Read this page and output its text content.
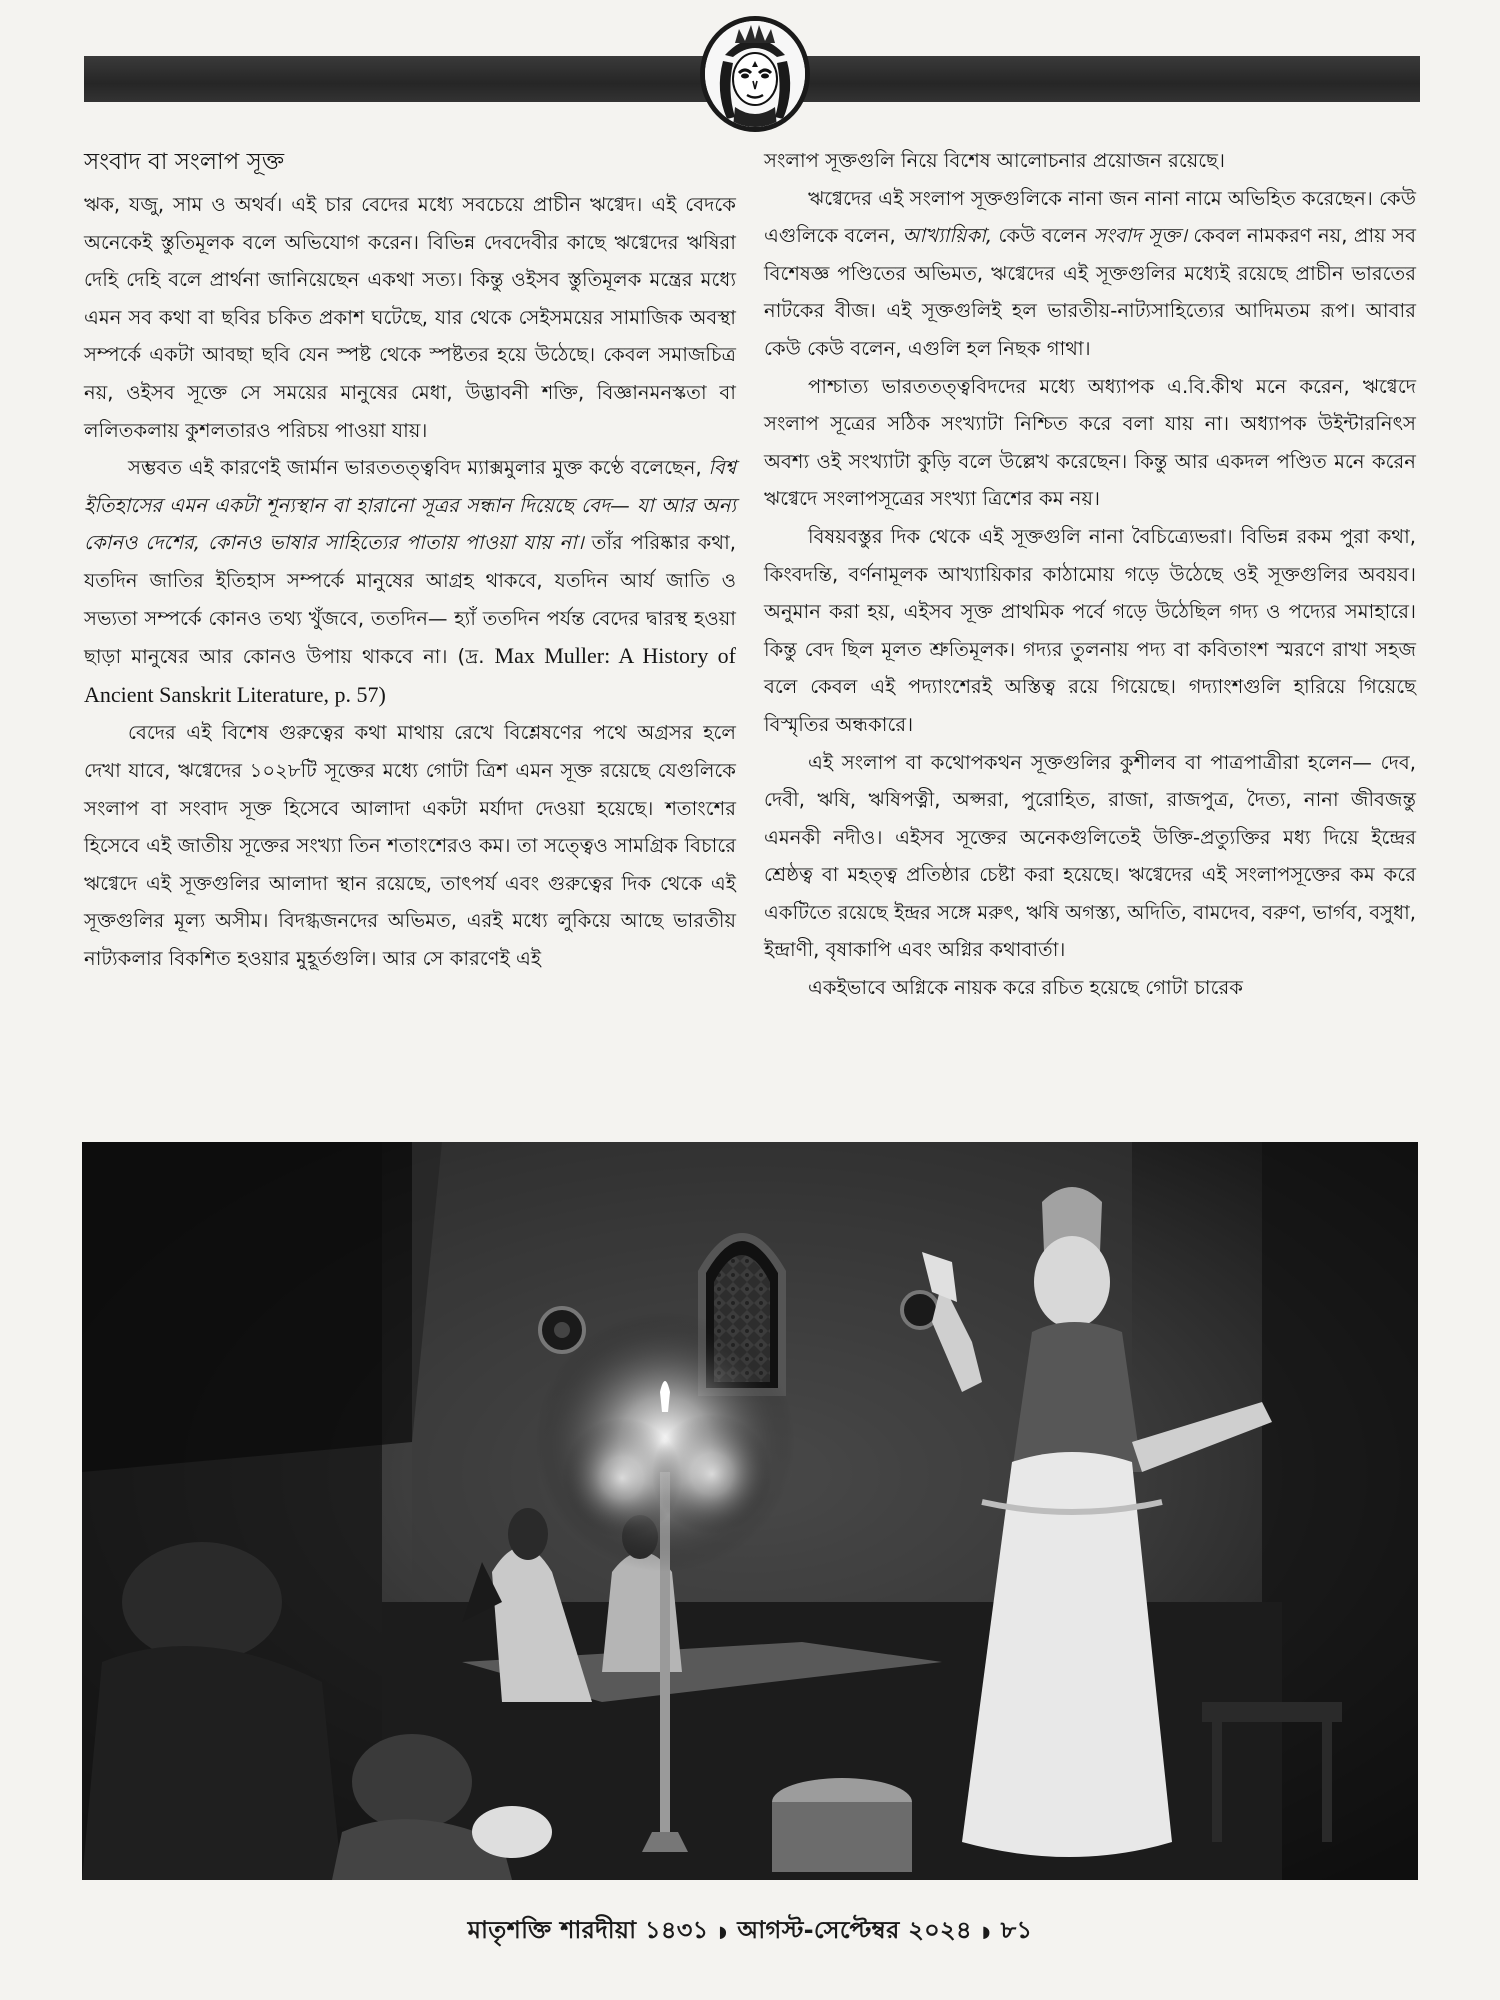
সংবাদ বা সংলাপ সূক্ত

ঋক, যজু, সাম ও অথর্ব। এই চার বেদের মধ্যে সবচেয়ে প্রাচীন ঋগ্বেদ। এই বেদকে অনেকেই স্তুতিমূলক বলে অভিযোগ করেন। বিভিন্ন দেবদেবীর কাছে ঋগ্বেদের ঋষিরা দেহি দেহি বলে প্রার্থনা জানিয়েছেন একথা সত্য। কিন্তু ওইসব স্তুতিমূলক মন্ত্রের মধ্যে এমন সব কথা বা ছবির চকিত প্রকাশ ঘটেছে, যার থেকে সেইসময়ের সামাজিক অবস্থা সম্পর্কে একটা আবছা ছবি যেন স্পষ্ট থেকে স্পষ্টতর হয়ে উঠেছে। কেবল সমাজচিত্র নয়, ওইসব সূক্তে সে সময়ের মানুষের মেধা, উদ্ভাবনী শক্তি, বিজ্ঞানমনস্কতা বা ললিতকলায় কুশলতারও পরিচয় পাওয়া যায়।

সম্ভবত এই কারণেই জার্মান ভারততত্ত্ববিদ ম্যাক্সমুলার মুক্ত কণ্ঠে বলেছেন, বিশ্ব ইতিহাসের এমন একটা শূন্যস্থান বা হারানো সূত্রর সন্ধান দিয়েছে বেদ— যা আর অন্য কোনও দেশের, কোনও ভাষার সাহিত্যের পাতায় পাওয়া যায় না। তাঁর পরিষ্কার কথা, যতদিন জাতির ইতিহাস সম্পর্কে মানুষের আগ্রহ থাকবে, যতদিন আর্য জাতি ও সভ্যতা সম্পর্কে কোনও তথ্য খুঁজবে, ততদিন— হ্যাঁ ততদিন পর্যন্ত বেদের দ্বারস্থ হওয়া ছাড়া মানুষের আর কোনও উপায় থাকবে না। (দ্র. Max Muller: A History of Ancient Sanskrit Literature, p. 57)

বেদের এই বিশেষ গুরুত্বের কথা মাথায় রেখে বিশ্লেষণের পথে অগ্রসর হলে দেখা যাবে, ঋগ্বেদের ১০২৮টি সূক্তের মধ্যে গোটা ত্রিশ এমন সূক্ত রয়েছে যেগুলিকে সংলাপ বা সংবাদ সূক্ত হিসেবে আলাদা একটা মর্যাদা দেওয়া হয়েছে। শতাংশের হিসেবে এই জাতীয় সূক্তের সংখ্যা তিন শতাংশেরও কম। তা সত্ত্বেও সামগ্রিক বিচারে ঋগ্বেদে এই সূক্তগুলির আলাদা স্থান রয়েছে, তাৎপর্য এবং গুরুত্বের দিক থেকে এই সূক্তগুলির মূল্য অসীম। বিদগ্ধজনদের অভিমত, এরই মধ্যে লুকিয়ে আছে ভারতীয় নাট্যকলার বিকশিত হওয়ার মুহূর্তগুলি। আর সে কারণেই এই

সংলাপ সূক্তগুলি নিয়ে বিশেষ আলোচনার প্রয়োজন রয়েছে।

ঋগ্বেদের এই সংলাপ সূক্তগুলিকে নানা জন নানা নামে অভিহিত করেছেন। কেউ এগুলিকে বলেন, আখ্যায়িকা, কেউ বলেন সংবাদ সূক্ত। কেবল নামকরণ নয়, প্রায় সব বিশেষজ্ঞ পণ্ডিতের অভিমত, ঋগ্বেদের এই সূক্তগুলির মধ্যেই রয়েছে প্রাচীন ভারতের নাটকের বীজ। এই সূক্তগুলিই হল ভারতীয়-নাট্যসাহিত্যের আদিমতম রূপ। আবার কেউ কেউ বলেন, এগুলি হল নিছক গাথা।

পাশ্চাত্য ভারততত্ত্ববিদদের মধ্যে অধ্যাপক এ.বি.কীথ মনে করেন, ঋগ্বেদে সংলাপ সূত্রের সঠিক সংখ্যাটা নিশ্চিত করে বলা যায় না। অধ্যাপক উইন্টারনিৎস অবশ্য ওই সংখ্যাটা কুড়ি বলে উল্লেখ করেছেন। কিন্তু আর একদল পণ্ডিত মনে করেন ঋগ্বেদে সংলাপসূত্রের সংখ্যা ত্রিশের কম নয়।

বিষয়বস্তুর দিক থেকে এই সূক্তগুলি নানা বৈচিত্র্যেভরা। বিভিন্ন রকম পুরা কথা, কিংবদন্তি, বর্ণনামূলক আখ্যায়িকার কাঠামোয় গড়ে উঠেছে ওই সূক্তগুলির অবয়ব। অনুমান করা হয়, এইসব সূক্ত প্রাথমিক পর্বে গড়ে উঠেছিল গদ্য ও পদ্যের সমাহারে। কিন্তু বেদ ছিল মূলত শ্রুতিমূলক। গদ্যর তুলনায় পদ্য বা কবিতাংশ স্মরণে রাখা সহজ বলে কেবল এই পদ্যাংশেরই অস্তিত্ব রয়ে গিয়েছে। গদ্যাংশগুলি হারিয়ে গিয়েছে বিস্মৃতির অন্ধকারে।

এই সংলাপ বা কথোপকথন সূক্তগুলির কুশীলব বা পাত্রপাত্রীরা হলেন— দেব, দেবী, ঋষি, ঋষিপত্নী, অপ্সরা, পুরোহিত, রাজা, রাজপুত্র, দৈত্য, নানা জীবজন্তু এমনকী নদীও। এইসব সূক্তের অনেকগুলিতেই উক্তি-প্রত্যুক্তির মধ্য দিয়ে ইন্দ্রের শ্রেষ্ঠত্ব বা মহত্ত্ব প্রতিষ্ঠার চেষ্টা করা হয়েছে। ঋগ্বেদের এই সংলাপসূক্তের কম করে একটিতে রয়েছে ইন্দ্রর সঙ্গে মরুৎ, ঋষি অগস্ত্য, অদিতি, বামদেব, বরুণ, ভার্গব, বসুধা, ইন্দ্রাণী, বৃষাকাপি এবং অগ্নির কথাবার্তা।

একইভাবে অগ্নিকে নায়ক করে রচিত হয়েছে গোটা চারেক

মাতৃশক্তি শারদীয়া ১৪৩১ ◗ আগস্ট-সেপ্টেম্বর ২০২৪ ◗ ৮১
